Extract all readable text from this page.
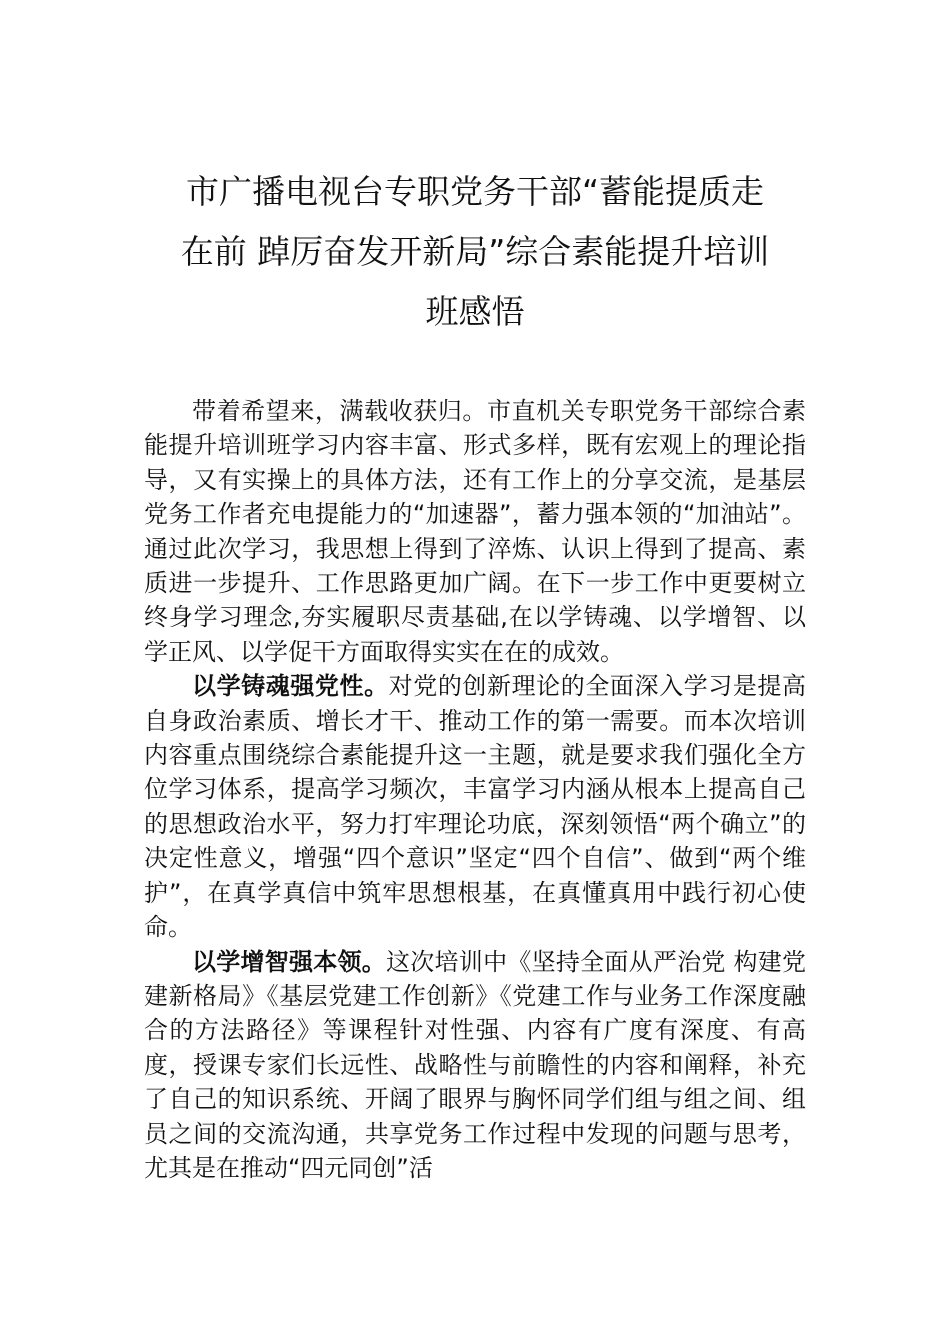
市广播电视台专职党务干部“蓄能提质走
在前 踔厉奋发开新局”综合素能提升培训
班感悟

带着希望来，满载收获归。市直机关专职党务干部综合素能提升培训班学习内容丰富、形式多样，既有宏观上的理论指导，又有实操上的具体方法，还有工作上的分享交流，是基层党务工作者充电提能力的“加速器”，蓄力强本领的“加油站”。通过此次学习，我思想上得到了淬炼、认识上得到了提高、素质进一步提升、工作思路更加广阔。在下一步工作中更要树立终身学习理念,夯实履职尽责基础,在以学铸魂、以学增智、以学正风、以学促干方面取得实实在在的成效。

以学铸魂强党性。对党的创新理论的全面深入学习是提高自身政治素质、增长才干、推动工作的第一需要。而本次培训内容重点围绕综合素能提升这一主题，就是要求我们强化全方位学习体系，提高学习频次，丰富学习内涵从根本上提高自己的思想政治水平，努力打牢理论功底，深刻领悟“两个确立”的决定性意义，增强“四个意识”坚定“四个自信”、做到“两个维护”，在真学真信中筑牢思想根基，在真懂真用中践行初心使命。

以学增智强本领。这次培训中《坚持全面从严治党 构建党建新格局》《基层党建工作创新》《党建工作与业务工作深度融合的方法路径》等课程针对性强、内容有广度有深度、有高度，授课专家们长远性、战略性与前瞻性的内容和阐释，补充了自己的知识系统、开阔了眼界与胸怀同学们组与组之间、组员之间的交流沟通，共享党务工作过程中发现的问题与思考，尤其是在推动“四元同创”活
